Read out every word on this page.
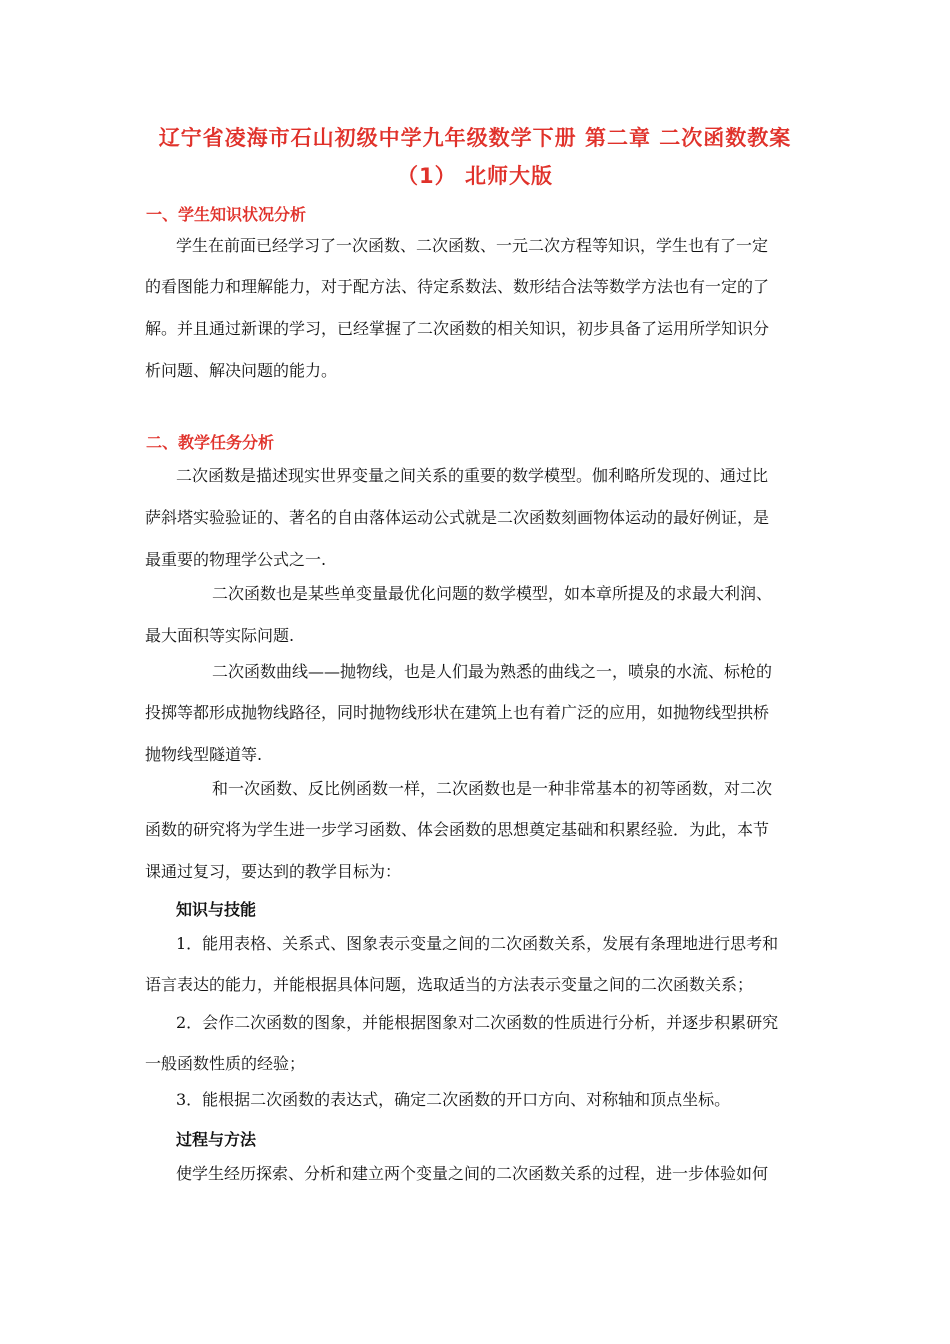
辽宁省凌海市石山初级中学九年级数学下册 第二章 二次函数教案
（1） 北师大版
一、学生知识状况分析
学生在前面已经学习了一次函数、二次函数、一元二次方程等知识，学生也有了一定
的看图能力和理解能力，对于配方法、待定系数法、数形结合法等数学方法也有一定的了
解。并且通过新课的学习，已经掌握了二次函数的相关知识，初步具备了运用所学知识分
析问题、解决问题的能力。
二、教学任务分析
二次函数是描述现实世界变量之间关系的重要的数学模型。伽利略所发现的、通过比
萨斜塔实验验证的、著名的自由落体运动公式就是二次函数刻画物体运动的最好例证，是
最重要的物理学公式之一.
二次函数也是某些单变量最优化问题的数学模型，如本章所提及的求最大利润、
最大面积等实际问题.
二次函数曲线——抛物线，也是人们最为熟悉的曲线之一，喷泉的水流、标枪的
投掷等都形成抛物线路径，同时抛物线形状在建筑上也有着广泛的应用，如抛物线型拱桥
抛物线型隧道等.
和一次函数、反比例函数一样，二次函数也是一种非常基本的初等函数，对二次
函数的研究将为学生进一步学习函数、体会函数的思想奠定基础和积累经验．为此，本节
课通过复习，要达到的教学目标为：
知识与技能
1．能用表格、关系式、图象表示变量之间的二次函数关系，发展有条理地进行思考和
语言表达的能力，并能根据具体问题，选取适当的方法表示变量之间的二次函数关系；
2．会作二次函数的图象，并能根据图象对二次函数的性质进行分析，并逐步积累研究
一般函数性质的经验；
3．能根据二次函数的表达式，确定二次函数的开口方向、对称轴和顶点坐标。
过程与方法
使学生经历探索、分析和建立两个变量之间的二次函数关系的过程，进一步体验如何
